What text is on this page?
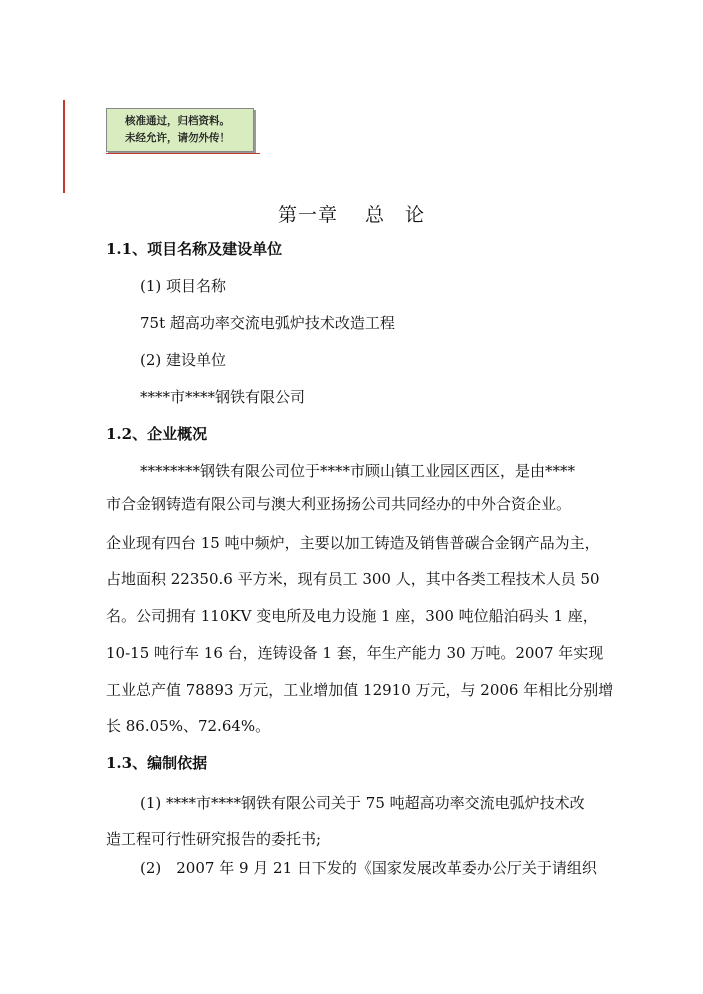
核准通过，归档资料。
未经允许，请勿外传！
第一章　 总　论
1.1、项目名称及建设单位
(1) 项目名称
75t 超高功率交流电弧炉技术改造工程
(2) 建设单位
****市****钢铁有限公司
1.2、企业概况
********钢铁有限公司位于****市顾山镇工业园区西区，是由****
市合金钢铸造有限公司与澳大利亚扬扬公司共同经办的中外合资企业。
企业现有四台 15 吨中频炉，主要以加工铸造及销售普碳合金钢产品为主，
占地面积 22350.6 平方米，现有员工 300 人，其中各类工程技术人员 50
名。公司拥有 110KV 变电所及电力设施 1 座，300 吨位船泊码头 1 座，
10-15 吨行车 16 台，连铸设备 1 套，年生产能力 30 万吨。2007 年实现
工业总产值 78893 万元，工业增加值 12910 万元，与 2006 年相比分别增
长 86.05%、72.64%。
1.3、编制依据
(1) ****市****钢铁有限公司关于 75 吨超高功率交流电弧炉技术改
造工程可行性研究报告的委托书;
(2)　2007 年 9 月 21 日下发的《国家发展改革委办公厅关于请组织
